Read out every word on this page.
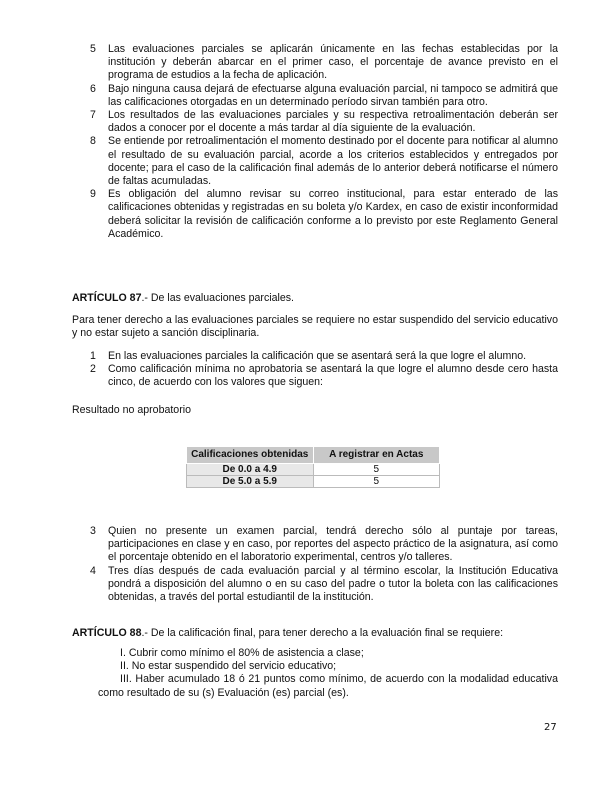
5	Las evaluaciones parciales se aplicarán únicamente en las fechas establecidas por la institución y deberán abarcar en el primer caso, el porcentaje de avance previsto en el programa de estudios a la fecha de aplicación.
6	Bajo ninguna causa dejará de efectuarse alguna evaluación parcial, ni tampoco se admitirá que las calificaciones otorgadas en un determinado período sirvan también para otro.
7	Los resultados de las evaluaciones parciales y su respectiva retroalimentación deberán ser dados a conocer por el docente a más tardar al día siguiente de la evaluación.
8	Se entiende por retroalimentación el momento destinado por el docente para notificar al alumno el resultado de su evaluación parcial, acorde a los criterios establecidos y entregados por docente; para el caso de la calificación final además de lo anterior deberá notificarse el número de faltas acumuladas.
9	Es obligación del alumno revisar su correo institucional, para estar enterado de las calificaciones obtenidas y registradas en su boleta y/o Kardex, en caso de existir inconformidad deberá solicitar la revisión de calificación conforme a lo previsto por este Reglamento General Académico.
ARTÍCULO 87.- De las evaluaciones parciales.
Para tener derecho a las evaluaciones parciales se requiere no estar suspendido del servicio educativo y no estar sujeto a sanción disciplinaria.
1	En las evaluaciones parciales la calificación que se asentará será la que logre el alumno.
2	Como calificación mínima no aprobatoria se asentará la que logre el alumno desde cero hasta cinco, de acuerdo con los valores que siguen:
Resultado no aprobatorio
Calificaciones obtenidas	A registrar en Actas
De 0.0 a 4.9	5
De 5.0 a 5.9	5
3	Quien no presente un examen parcial, tendrá derecho sólo al puntaje por tareas, participaciones en clase y en caso, por reportes del aspecto práctico de la asignatura, así como el porcentaje obtenido en el laboratorio experimental, centros y/o talleres.
4	Tres días después de cada evaluación parcial y al término escolar, la Institución Educativa pondrá a disposición del alumno o en su caso del padre o tutor la boleta con las calificaciones obtenidas, a través del portal estudiantil de la institución.
ARTÍCULO 88.- De la calificación final, para tener derecho a la evaluación final se requiere:
I. Cubrir como mínimo el 80% de asistencia a clase;
II. No estar suspendido del servicio educativo;
III. Haber acumulado 18 ó 21 puntos como mínimo, de acuerdo con la modalidad educativa como resultado de su (s) Evaluación (es) parcial (es).
27
